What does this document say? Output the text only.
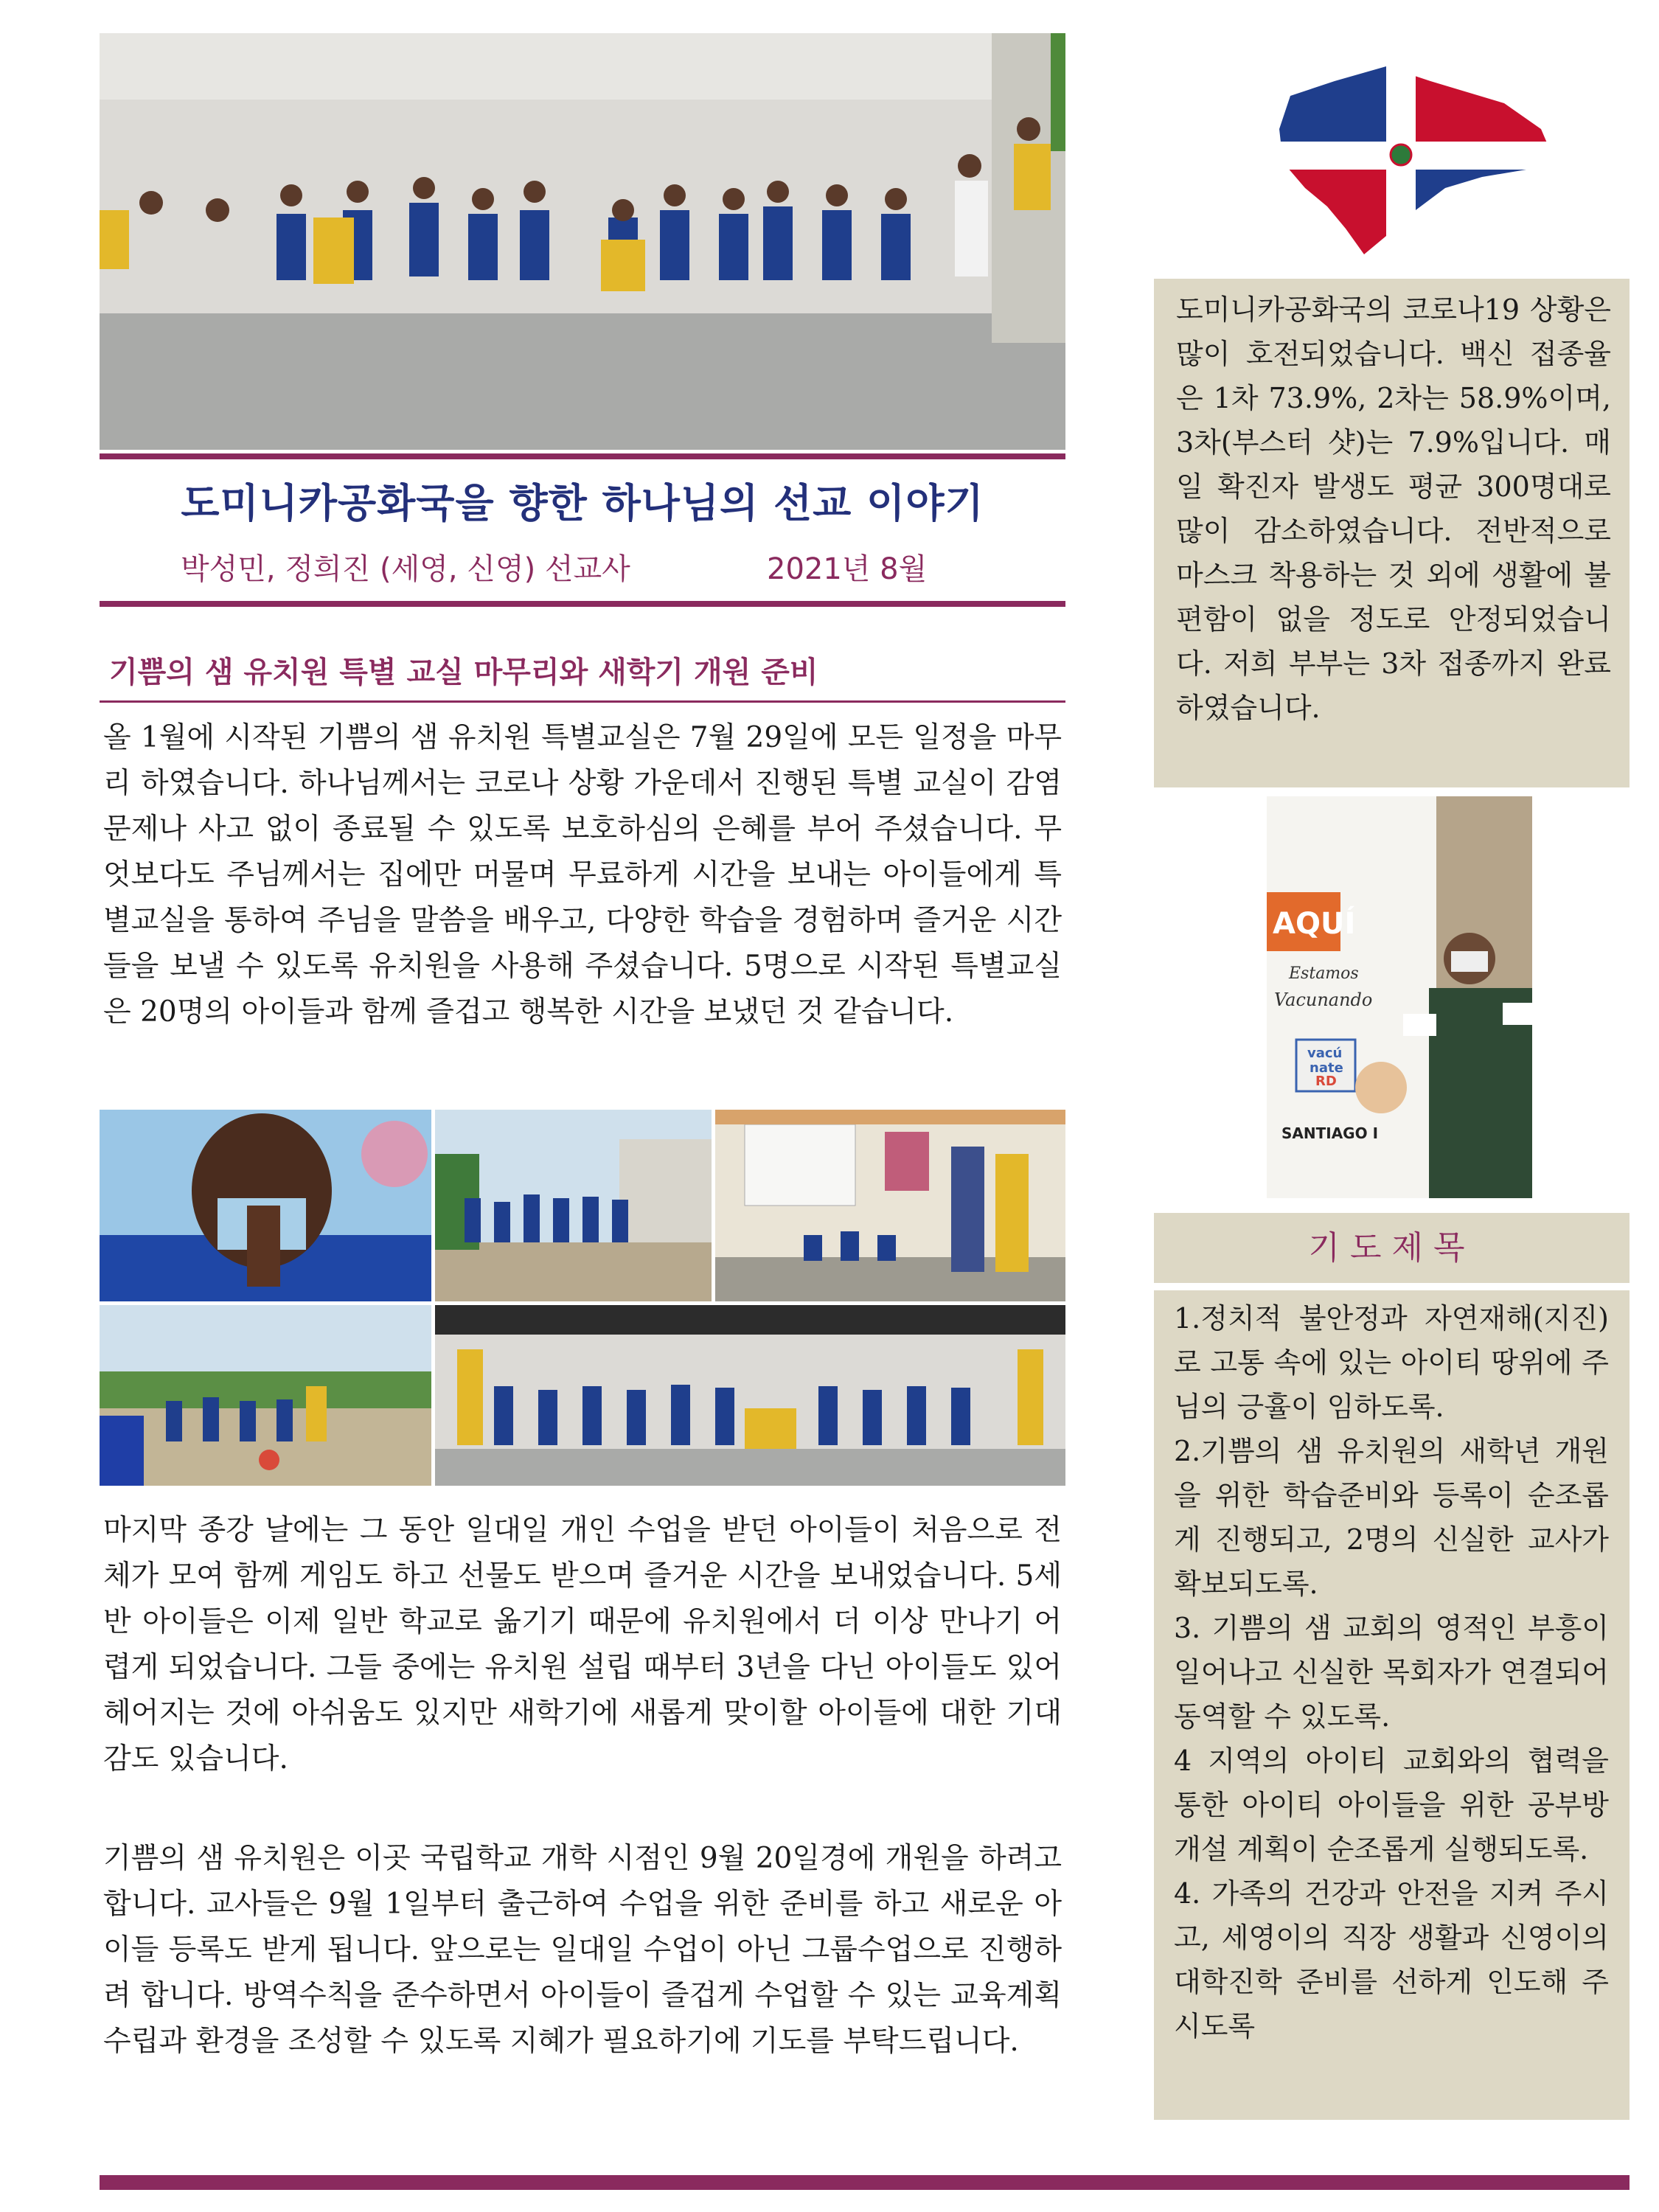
도미니카공화국을 향한 하나님의 선교 이야기
박성민, 정희진 (세영, 신영) 선교사	2021년 8월
기쁨의 샘 유치원 특별 교실 마무리와 새학기 개원 준비

올 1월에 시작된 기쁨의 샘 유치원 특별교실은 7월 29일에 모든 일정을 마무리 하였습니다. 하나님께서는 코로나 상황 가운데서 진행된 특별 교실이 감염 문제나 사고 없이 종료될 수 있도록 보호하심의 은혜를 부어 주셨습니다. 무엇보다도 주님께서는 집에만 머물며 무료하게 시간을 보내는 아이들에게 특별교실을 통하여 주님을 말씀을 배우고, 다양한 학습을 경험하며 즐거운 시간들을 보낼 수 있도록 유치원을 사용해 주셨습니다. 5명으로 시작된 특별교실은 20명의 아이들과 함께 즐겁고 행복한 시간을 보냈던 것 같습니다.

마지막 종강 날에는 그 동안 일대일 개인 수업을 받던 아이들이 처음으로 전체가 모여 함께 게임도 하고 선물도 받으며 즐거운 시간을 보내었습니다. 5세반 아이들은 이제 일반 학교로 옮기기 때문에 유치원에서 더 이상 만나기 어렵게 되었습니다. 그들 중에는 유치원 설립 때부터 3년을 다닌 아이들도 있어 헤어지는 것에 아쉬움도 있지만 새학기에 새롭게 맞이할 아이들에 대한 기대감도 있습니다.

기쁨의 샘 유치원은 이곳 국립학교 개학 시점인 9월 20일경에 개원을 하려고 합니다. 교사들은 9월 1일부터 출근하여 수업을 위한 준비를 하고 새로운 아이들 등록도 받게 됩니다. 앞으로는 일대일 수업이 아닌 그룹수업으로 진행하려 합니다. 방역수칙을 준수하면서 아이들이 즐겁게 수업할 수 있는 교육계획 수립과 환경을 조성할 수 있도록 지혜가 필요하기에 기도를 부탁드립니다.

도미니카공화국의 코로나19 상황은 많이 호전되었습니다. 백신 접종율은 1차 73.9%, 2차는 58.9%이며, 3차(부스터 샷)는 7.9%입니다. 매일 확진자 발생도 평균 300명대로 많이 감소하였습니다. 전반적으로 마스크 착용하는 것 외에 생활에 불편함이 없을 정도로 안정되었습니다. 저희 부부는 3차 접종까지 완료하였습니다.

AQUÍ
Estamos
Vacunando
vacú
nate
RD
SANTIAGO I
기도제목

1.정치적 불안정과 자연재해(지진)로 고통 속에 있는 아이티 땅위에 주님의 긍휼이 임하도록.

2.기쁨의 샘 유치원의 새학년 개원을 위한 학습준비와 등록이 순조롭게 진행되고, 2명의 신실한 교사가 확보되도록.

3. 기쁨의 샘 교회의 영적인 부흥이 일어나고 신실한 목회자가 연결되어 동역할 수 있도록.

4 지역의 아이티 교회와의 협력을 통한 아이티 아이들을 위한 공부방 개설 계획이 순조롭게 실행되도록.

4. 가족의 건강과 안전을 지켜 주시고, 세영이의 직장 생활과 신영이의 대학진학 준비를 선하게 인도해 주시도록
